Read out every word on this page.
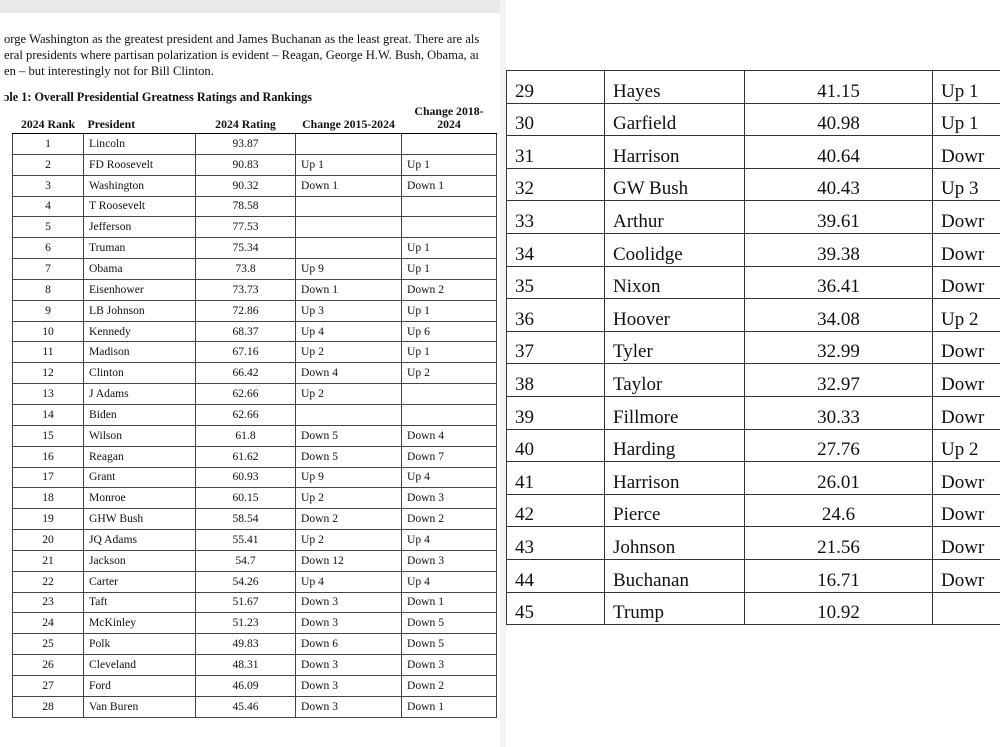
orge Washington as the greatest president and James Buchanan as the least great. There are als
eral presidents where partisan polarization is evident – Reagan, George H.W. Bush, Obama, aı
en – but interestingly not for Bill Clinton.
ɔle 1: Overall Presidential Greatness Ratings and Rankings
2024 Rank	President	2024 Rating	Change 2015-2024	Change 2018-2024
1	Lincoln	93.87		
2	FD Roosevelt	90.83	Up 1	Up 1
3	Washington	90.32	Down 1	Down 1
4	T Roosevelt	78.58		
5	Jefferson	77.53		
6	Truman	75.34		Up 1
7	Obama	73.8	Up 9	Up 1
8	Eisenhower	73.73	Down 1	Down 2
9	LB Johnson	72.86	Up 3	Up 1
10	Kennedy	68.37	Up 4	Up 6
11	Madison	67.16	Up 2	Up 1
12	Clinton	66.42	Down 4	Up 2
13	J Adams	62.66	Up 2	
14	Biden	62.66		
15	Wilson	61.8	Down 5	Down 4
16	Reagan	61.62	Down 5	Down 7
17	Grant	60.93	Up 9	Up 4
18	Monroe	60.15	Up 2	Down 3
19	GHW Bush	58.54	Down 2	Down 2
20	JQ Adams	55.41	Up 2	Up 4
21	Jackson	54.7	Down 12	Down 3
22	Carter	54.26	Up 4	Up 4
23	Taft	51.67	Down 3	Down 1
24	McKinley	51.23	Down 3	Down 5
25	Polk	49.83	Down 6	Down 5
26	Cleveland	48.31	Down 3	Down 3
27	Ford	46.09	Down 3	Down 2
28	Van Buren	45.46	Down 3	Down 1
29	Hayes	41.15	Up 1
30	Garfield	40.98	Up 1
31	Harrison	40.64	Dowr
32	GW Bush	40.43	Up 3
33	Arthur	39.61	Dowr
34	Coolidge	39.38	Dowr
35	Nixon	36.41	Dowr
36	Hoover	34.08	Up 2
37	Tyler	32.99	Dowr
38	Taylor	32.97	Dowr
39	Fillmore	30.33	Dowr
40	Harding	27.76	Up 2
41	Harrison	26.01	Dowr
42	Pierce	24.6	Dowr
43	Johnson	21.56	Dowr
44	Buchanan	16.71	Dowr
45	Trump	10.92	
